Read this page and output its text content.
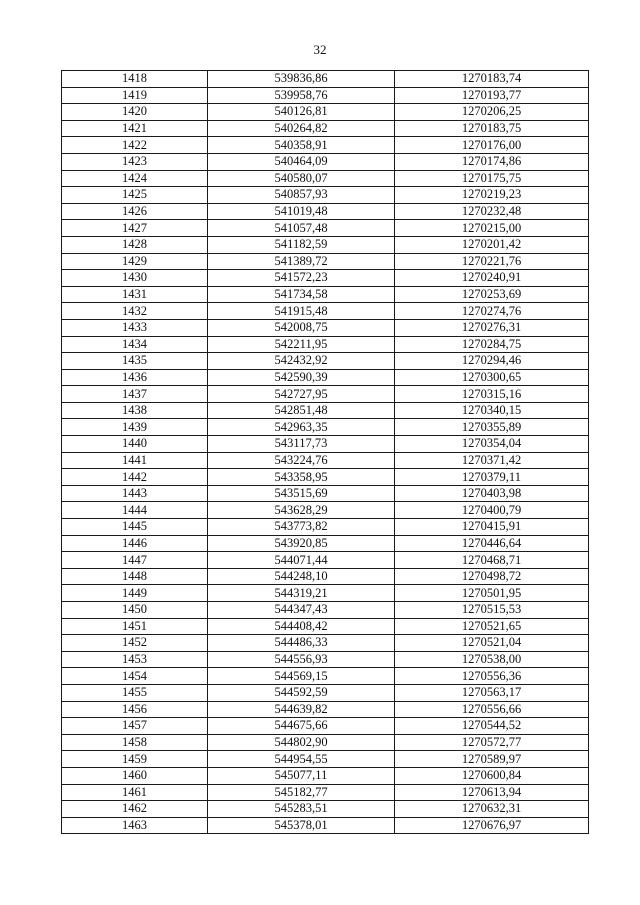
32
1418	539836,86	1270183,74
1419	539958,76	1270193,77
1420	540126,81	1270206,25
1421	540264,82	1270183,75
1422	540358,91	1270176,00
1423	540464,09	1270174,86
1424	540580,07	1270175,75
1425	540857,93	1270219,23
1426	541019,48	1270232,48
1427	541057,48	1270215,00
1428	541182,59	1270201,42
1429	541389,72	1270221,76
1430	541572,23	1270240,91
1431	541734,58	1270253,69
1432	541915,48	1270274,76
1433	542008,75	1270276,31
1434	542211,95	1270284,75
1435	542432,92	1270294,46
1436	542590,39	1270300,65
1437	542727,95	1270315,16
1438	542851,48	1270340,15
1439	542963,35	1270355,89
1440	543117,73	1270354,04
1441	543224,76	1270371,42
1442	543358,95	1270379,11
1443	543515,69	1270403,98
1444	543628,29	1270400,79
1445	543773,82	1270415,91
1446	543920,85	1270446,64
1447	544071,44	1270468,71
1448	544248,10	1270498,72
1449	544319,21	1270501,95
1450	544347,43	1270515,53
1451	544408,42	1270521,65
1452	544486,33	1270521,04
1453	544556,93	1270538,00
1454	544569,15	1270556,36
1455	544592,59	1270563,17
1456	544639,82	1270556,66
1457	544675,66	1270544,52
1458	544802,90	1270572,77
1459	544954,55	1270589,97
1460	545077,11	1270600,84
1461	545182,77	1270613,94
1462	545283,51	1270632,31
1463	545378,01	1270676,97
